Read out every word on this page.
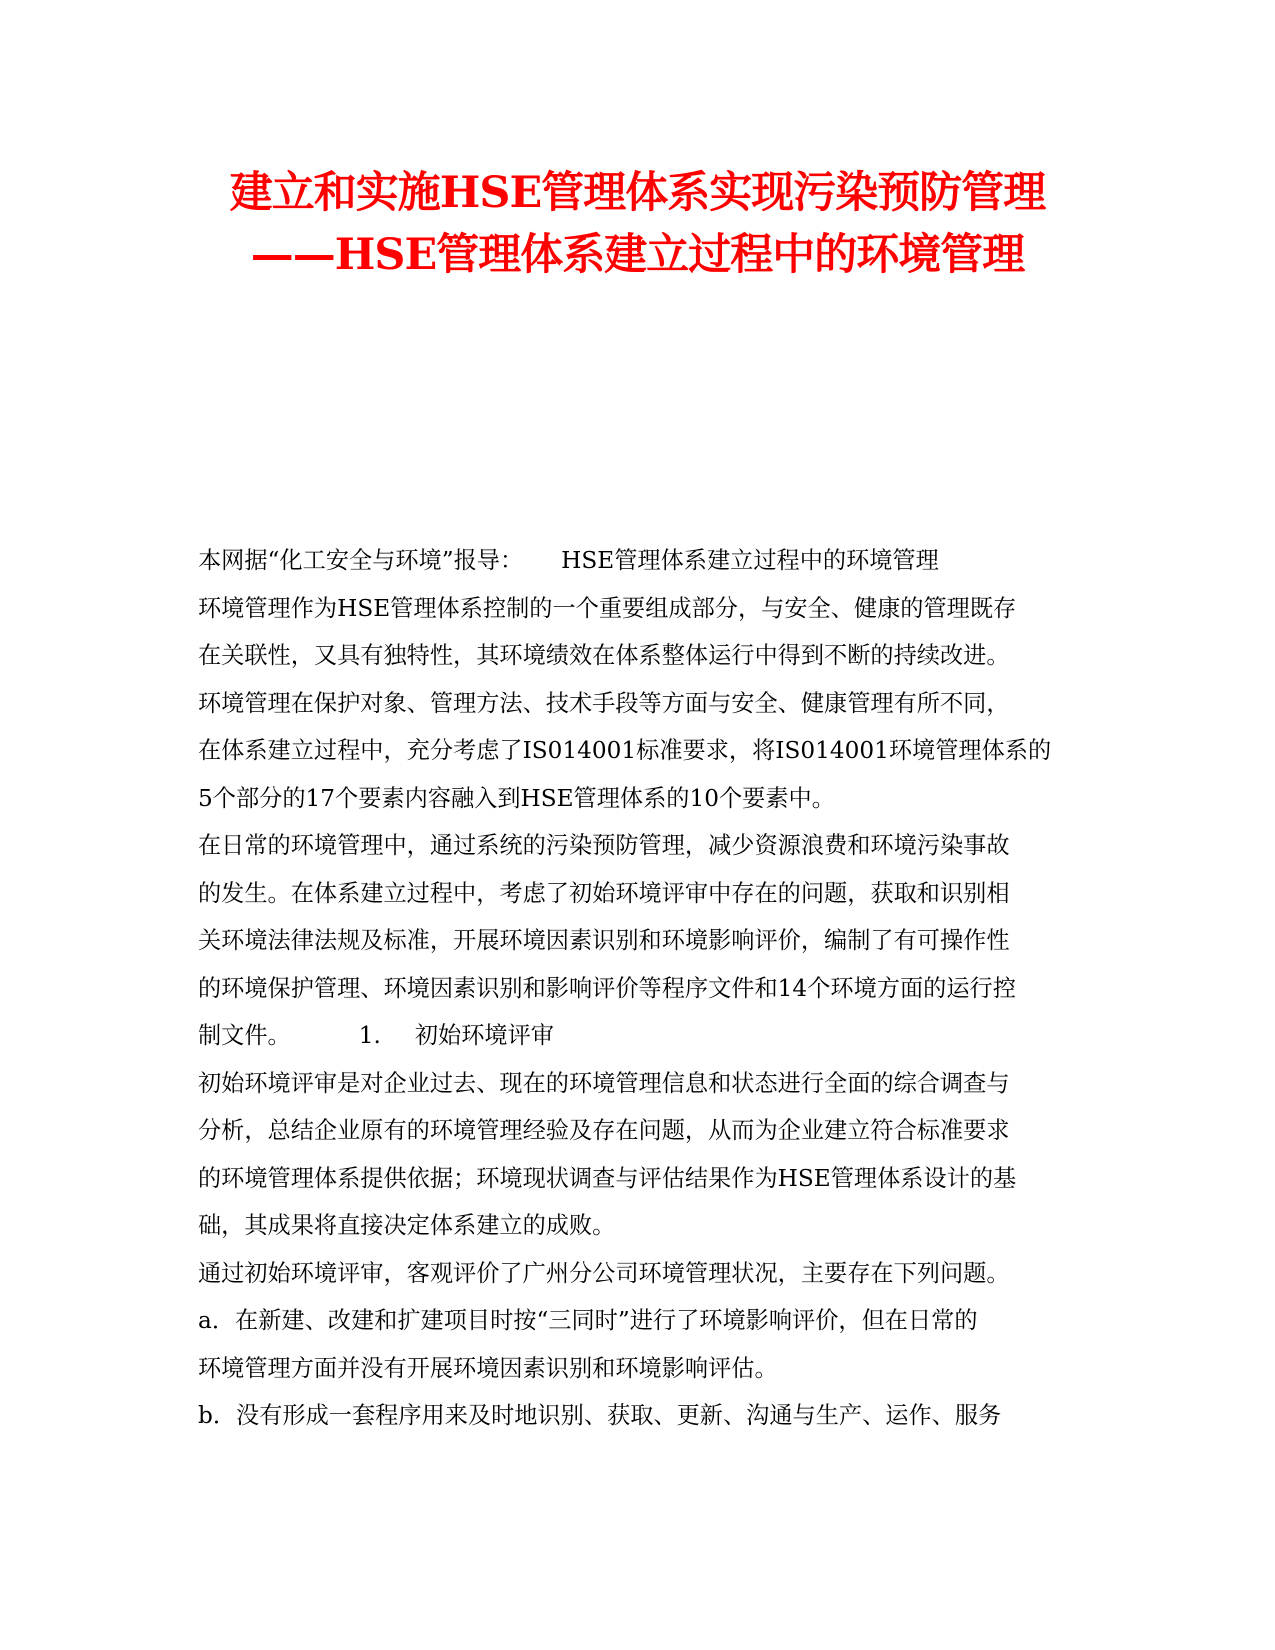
建立和实施HSE管理体系实现污染预防管理
——HSE管理体系建立过程中的环境管理
本网据“化工安全与环境”报导： HSE管理体系建立过程中的环境管理
环境管理作为HSE管理体系控制的一个重要组成部分，与安全、健康的管理既存
在关联性，又具有独特性，其环境绩效在体系整体运行中得到不断的持续改进。
环境管理在保护对象、管理方法、技术手段等方面与安全、健康管理有所不同，
在体系建立过程中，充分考虑了IS014001标准要求，将IS014001环境管理体系的
5个部分的17个要素内容融入到HSE管理体系的10个要素中。
在日常的环境管理中，通过系统的污染预防管理，减少资源浪费和环境污染事故
的发生。在体系建立过程中，考虑了初始环境评审中存在的问题，获取和识别相
关环境法律法规及标准，开展环境因素识别和环境影响评价，编制了有可操作性
的环境保护管理、环境因素识别和影响评价等程序文件和14个环境方面的运行控
制文件。	1. 初始环境评审
初始环境评审是对企业过去、现在的环境管理信息和状态进行全面的综合调查与
分析，总结企业原有的环境管理经验及存在问题，从而为企业建立符合标准要求
的环境管理体系提供依据；环境现状调查与评估结果作为HSE管理体系设计的基
础，其成果将直接决定体系建立的成败。
通过初始环境评审，客观评价了广州分公司环境管理状况，主要存在下列问题。
a．在新建、改建和扩建项目时按“三同时”进行了环境影响评价，但在日常的
环境管理方面并没有开展环境因素识别和环境影响评估。
b．没有形成一套程序用来及时地识别、获取、更新、沟通与生产、运作、服务
